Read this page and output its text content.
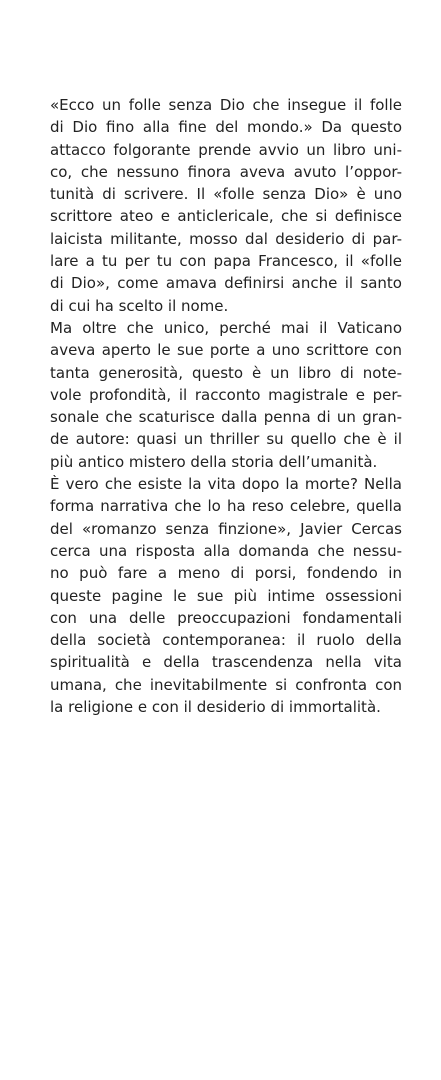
«Ecco un folle senza Dio che insegue il folle
di Dio fino alla fine del mondo.» Da questo
attacco folgorante prende avvio un libro uni-
co, che nessuno finora aveva avuto l’oppor-
tunità di scrivere. Il «folle senza Dio» è uno
scrittore ateo e anticlericale, che si definisce
laicista militante, mosso dal desiderio di par-
lare a tu per tu con papa Francesco, il «folle
di Dio», come amava definirsi anche il santo
di cui ha scelto il nome.
Ma oltre che unico, perché mai il Vaticano
aveva aperto le sue porte a uno scrittore con
tanta generosità, questo è un libro di note-
vole profondità, il racconto magistrale e per-
sonale che scaturisce dalla penna di un gran-
de autore: quasi un thriller su quello che è il
più antico mistero della storia dell’umanità.
È vero che esiste la vita dopo la morte? Nella
forma narrativa che lo ha reso celebre, quella
del «romanzo senza finzione», Javier Cercas
cerca una risposta alla domanda che nessu-
no può fare a meno di porsi, fondendo in
queste pagine le sue più intime ossessioni
con una delle preoccupazioni fondamentali
della società contemporanea: il ruolo della
spiritualità e della trascendenza nella vita
umana, che inevitabilmente si confronta con
la religione e con il desiderio di immortalità.
